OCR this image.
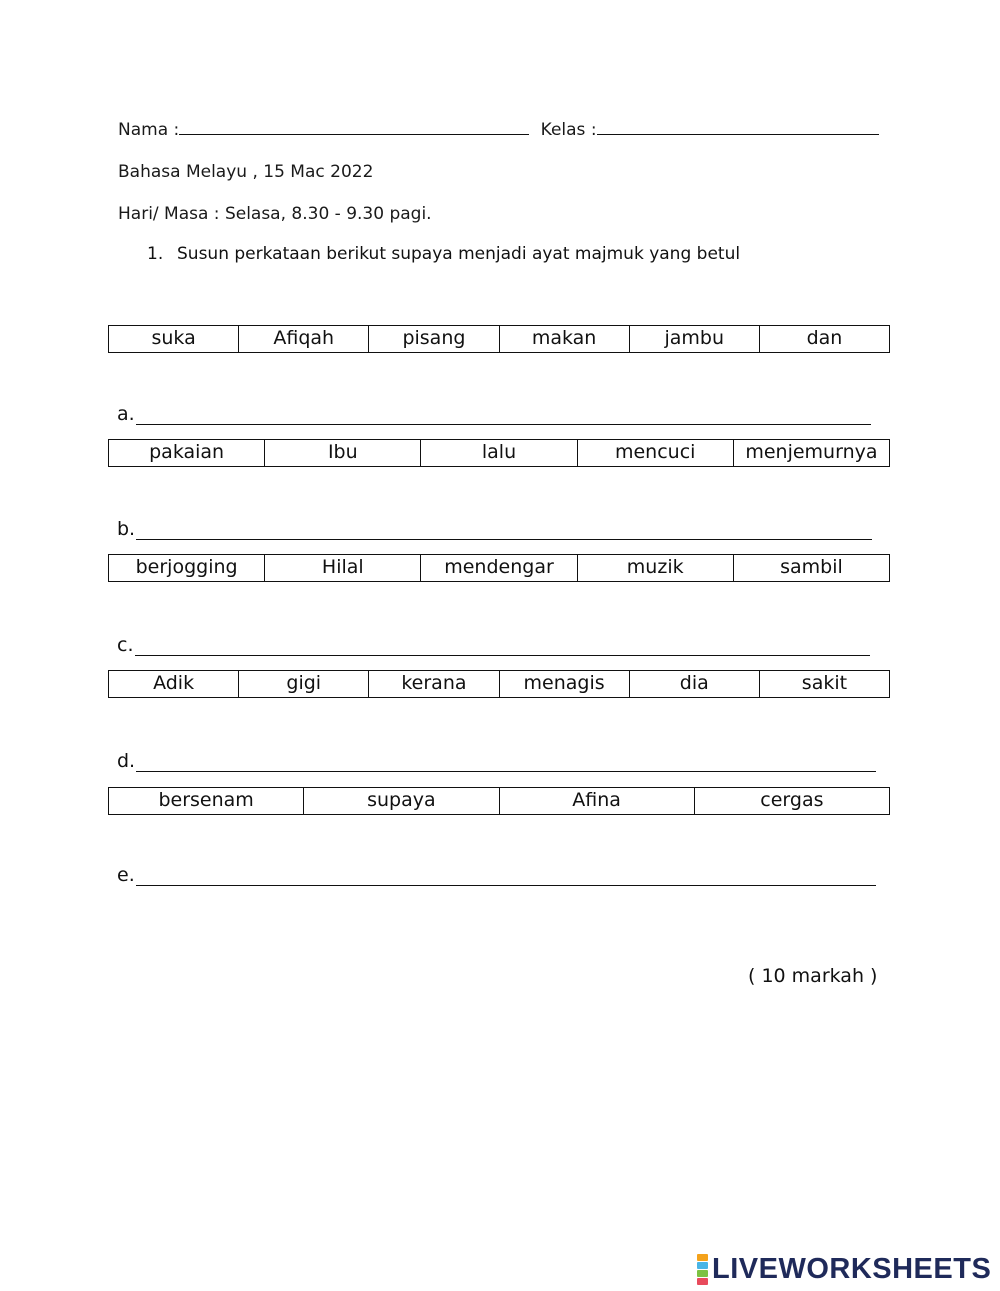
Nama :	Kelas :
Bahasa Melayu , 15 Mac 2022
Hari/ Masa : Selasa, 8.30 - 9.30 pagi.
1. Susun perkataan berikut supaya menjadi ayat majmuk yang betul
suka	Afiqah	pisang	makan	jambu	dan
a.
pakaian	Ibu	lalu	mencuci	menjemurnya
b.
berjogging	Hilal	mendengar	muzik	sambil
c.
Adik	gigi	kerana	menagis	dia	sakit
d.
bersenam	supaya	Afina	cergas
e.
( 10 markah )
LIVEWORKSHEETS
